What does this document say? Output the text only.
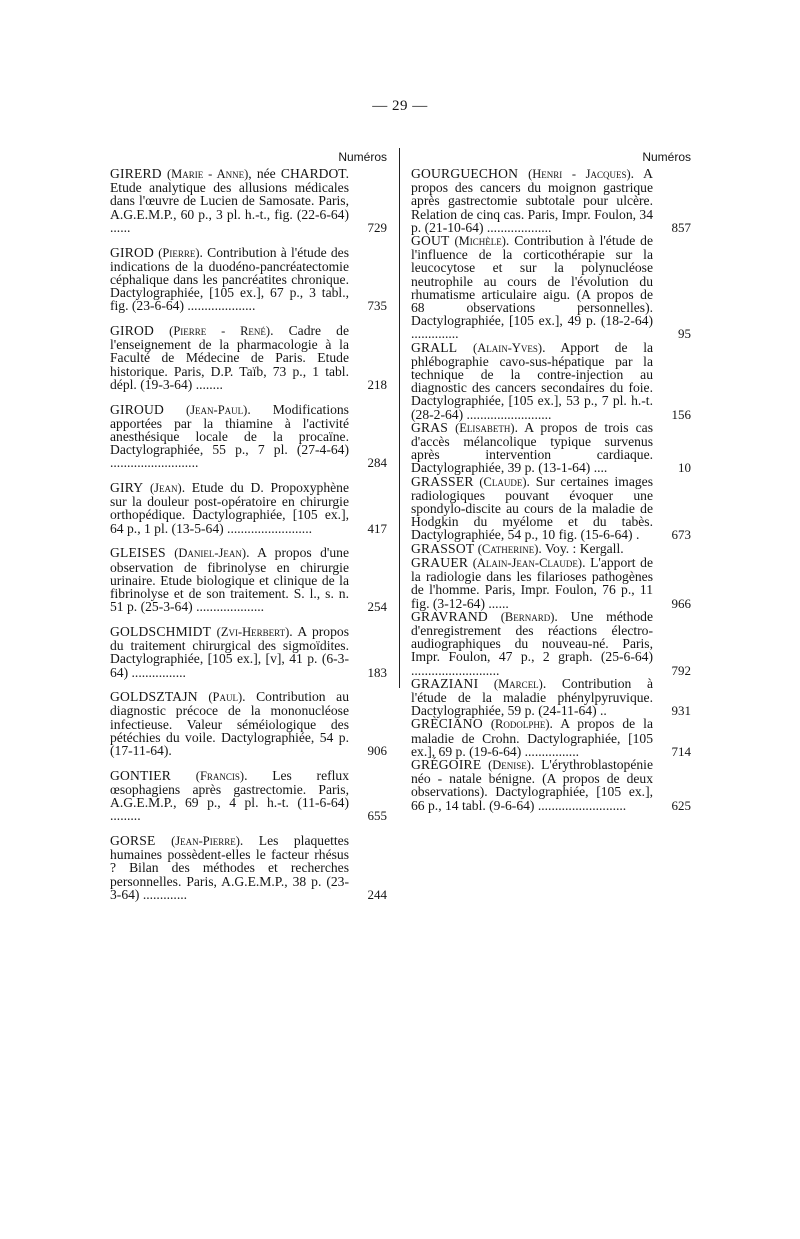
— 29 —
Numéros
GIRERD (Marie - Anne), née CHARDOT. Etude analytique des allusions médicales dans l'œuvre de Lucien de Samosate. Paris, A.G.E.M.P., 60 p., 3 pl. h.-t., fig. (22-6-64) ......	729
GIROD (Pierre). Contribution à l'étude des indications de la duodéno-pancréatectomie céphalique dans les pancréatites chronique. Dactylographiée, [105 ex.], 67 p., 3 tabl., fig. (23-6-64) ....................	735
GIROD (Pierre - René). Cadre de l'enseignement de la pharmacologie à la Faculté de Médecine de Paris. Etude historique. Paris, D.P. Taïb, 73 p., 1 tabl. dépl. (19-3-64) ........	218
GIROUD (Jean-Paul). Modifications apportées par la thiamine à l'activité anesthésique locale de la procaïne. Dactylographiée, 55 p., 7 pl. (27-4-64) ..........................	284
GIRY (Jean). Etude du D. Propoxyphène sur la douleur post-opératoire en chirurgie orthopédique. Dactylographiée, [105 ex.], 64 p., 1 pl. (13-5-64) .........................	417
GLEISES (Daniel-Jean). A propos d'une observation de fibrinolyse en chirurgie urinaire. Etude biologique et clinique de la fibrinolyse et de son traitement. S. l., s. n. 51 p. (25-3-64) ....................	254
GOLDSCHMIDT (Zvi-Herbert). A propos du traitement chirurgical des sigmoïdites. Dactylographiée, [105 ex.], [v], 41 p. (6-3-64) ................	183
GOLDSZTAJN (Paul). Contribution au diagnostic précoce de la mononucléose infectieuse. Valeur séméiologique des pétéchies du voile. Dactylographiée, 54 p. (17-11-64).	906
GONTIER (Francis). Les reflux œsophagiens après gastrectomie. Paris, A.G.E.M.P., 69 p., 4 pl. h.-t. (11-6-64) .........	655
GORSE (Jean-Pierre). Les plaquettes humaines possèdent-elles le facteur rhésus ? Bilan des méthodes et recherches personnelles. Paris, A.G.E.M.P., 38 p. (23-3-64) .............	244
Numéros
GOURGUECHON (Henri - Jacques). A propos des cancers du moignon gastrique après gastrectomie subtotale pour ulcère. Relation de cinq cas. Paris, Impr. Foulon, 34 p. (21-10-64) ...................	857
GOUT (Michèle). Contribution à l'étude de l'influence de la corticothérapie sur la leucocytose et sur la polynucléose neutrophile au cours de l'évolution du rhumatisme articulaire aigu. (A propos de 68 observations personnelles). Dactylographiée, [105 ex.], 49 p. (18-2-64) ..............	95
GRALL (Alain-Yves). Apport de la phlébographie cavo-sus-hépatique par la technique de la contre-injection au diagnostic des cancers secondaires du foie. Dactylographiée, [105 ex.], 53 p., 7 pl. h.-t. (28-2-64) .........................	156
GRAS (Elisabeth). A propos de trois cas d'accès mélancolique typique survenus après intervention cardiaque. Dactylographiée, 39 p. (13-1-64) ....	10
GRASSER (Claude). Sur certaines images radiologiques pouvant évoquer une spondylo-discite au cours de la maladie de Hodgkin du myélome et du tabès. Dactylographiée, 54 p., 10 fig. (15-6-64) .	673
GRASSOT (Catherine). Voy. : Kergall.
GRAUER (Alain-Jean-Claude). L'apport de la radiologie dans les filarioses pathogènes de l'homme. Paris, Impr. Foulon, 76 p., 11 fig. (3-12-64) ......	966
GRAVRAND (Bernard). Une méthode d'enregistrement des réactions électro-audiographiques du nouveau-né. Paris, Impr. Foulon, 47 p., 2 graph. (25-6-64) ..........................	792
GRAZIANI (Marcel). Contribution à l'étude de la maladie phénylpyruvique. Dactylographiée, 59 p. (24-11-64) ..	931
GRÈCIANO (Rodolphe). A propos de la maladie de Crohn. Dactylographiée, [105 ex.], 69 p. (19-6-64) ................	714
GRÉGOIRE (Denise). L'érythroblastopénie néo - natale bénigne. (A propos de deux observations). Dactylographiée, [105 ex.], 66 p., 14 tabl. (9-6-64) ..........................	625
